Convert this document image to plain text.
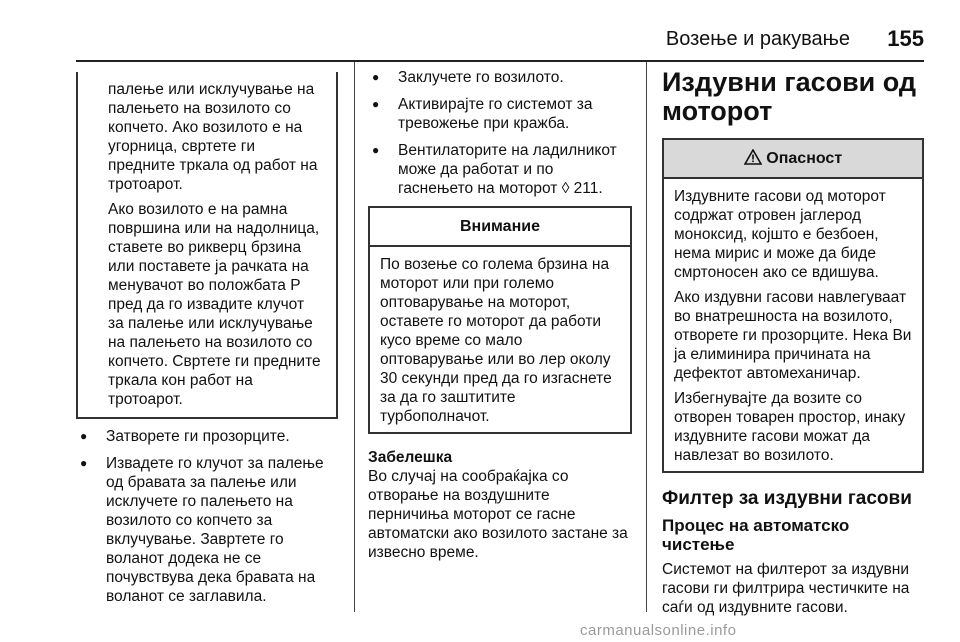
Возење и ракување 155

палење или исклучување на палењето на возилото со копчето. Ако возилото е на угорница, свртете ги предните тркала од работ на тротоарот.

Ако возилото е на рамна површина или на надолница, ставете во рикверц брзина или поставете ја рачката на менувачот во положбата P пред да го извадите клучот за палење или исклучување на палењето на возилото со копчето. Свртете ги предните тркала кон работ на тротоарот.

● Затворете ги прозорците.
● Извадете го клучот за палење од бравата за палење или исклучете го палењето на возилото со копчето за вклучување. Завртете го воланот додека не се почувствува дека бравата на воланот се заглавила.
● Заклучете го возилото.
● Активирајте го системот за тревожење при кражба.
● Вентилаторите на ладилникот може да работат и по гаснењето на моторот ◊ 211.
Внимание
По возење со голема брзина на моторот или при големо оптоварување на моторот, оставете го моторот да работи кусо време со мало оптоварување или во лер околу 30 секунди пред да го изгаснете за да го заштитите турбополначот.
Забелешка
Во случај на сообраќајка со отворање на воздушните перничиња моторот се гасне автоматски ако возилото застане за извесно време.
Издувни гасови од моторот
Опасност

Издувните гасови од моторот содржат отровен јаглерод моноксид, којшто е безбоен, нема мирис и може да биде смртоносен ако се вдишува.

Ако издувни гасови навлегуваат во внатрешноста на возилото, отворете ги прозорците. Нека Ви ја елиминира причината на дефектот автомеханичар.

Избегнувајте да возите со отворен товарен простор, инаку издувните гасови можат да навлезат во возилото.

Филтер за издувни гасови
Процес на автоматско чистење
Системот на филтерот за издувни гасови ги филтрира честичките на саѓи од издувните гасови.
carmanualsonline.info
